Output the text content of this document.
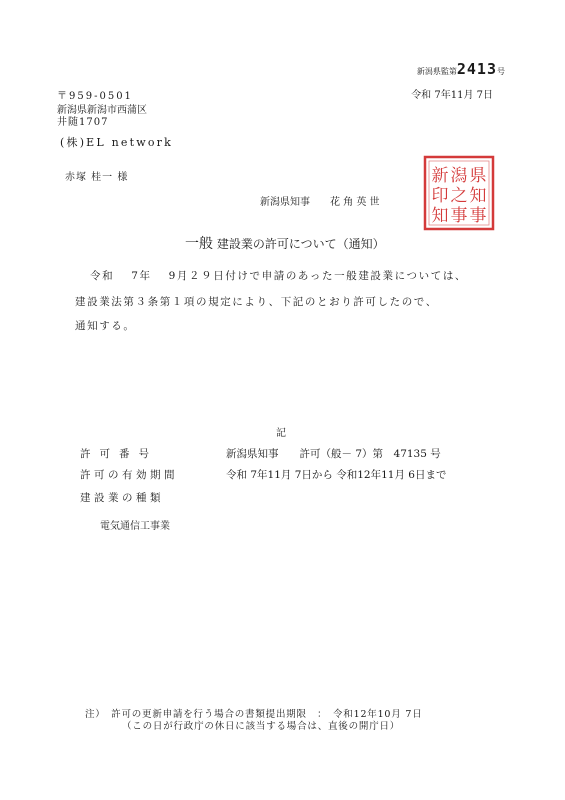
新潟県監第2413号
令和 7年11月 7日
〒959-0501
新潟県新潟市西蒲区
井随1707
(株)EL network
赤塚 桂一 様
新潟県知事　　花 角 英 世
県
知
事
潟
之
事
新
印
知
一般 建設業の許可について（通知）
令和　 7年　 9月２９日付けで申請のあった一般建設業については、
建設業法第３条第１項の規定により、下記のとおり許可したので、
通知する。
記
許可番号	新潟県知事　　許可（般－ 7）第　47135 号
許可の有効期間	令和 7年11月 7日から 令和12年11月 6日まで
建設業の種類
電気通信工事業
注）　許可の更新申請を行う場合の書類提出期限　：　令和12年10月 7日
（この日が行政庁の休日に該当する場合は、直後の開庁日）
